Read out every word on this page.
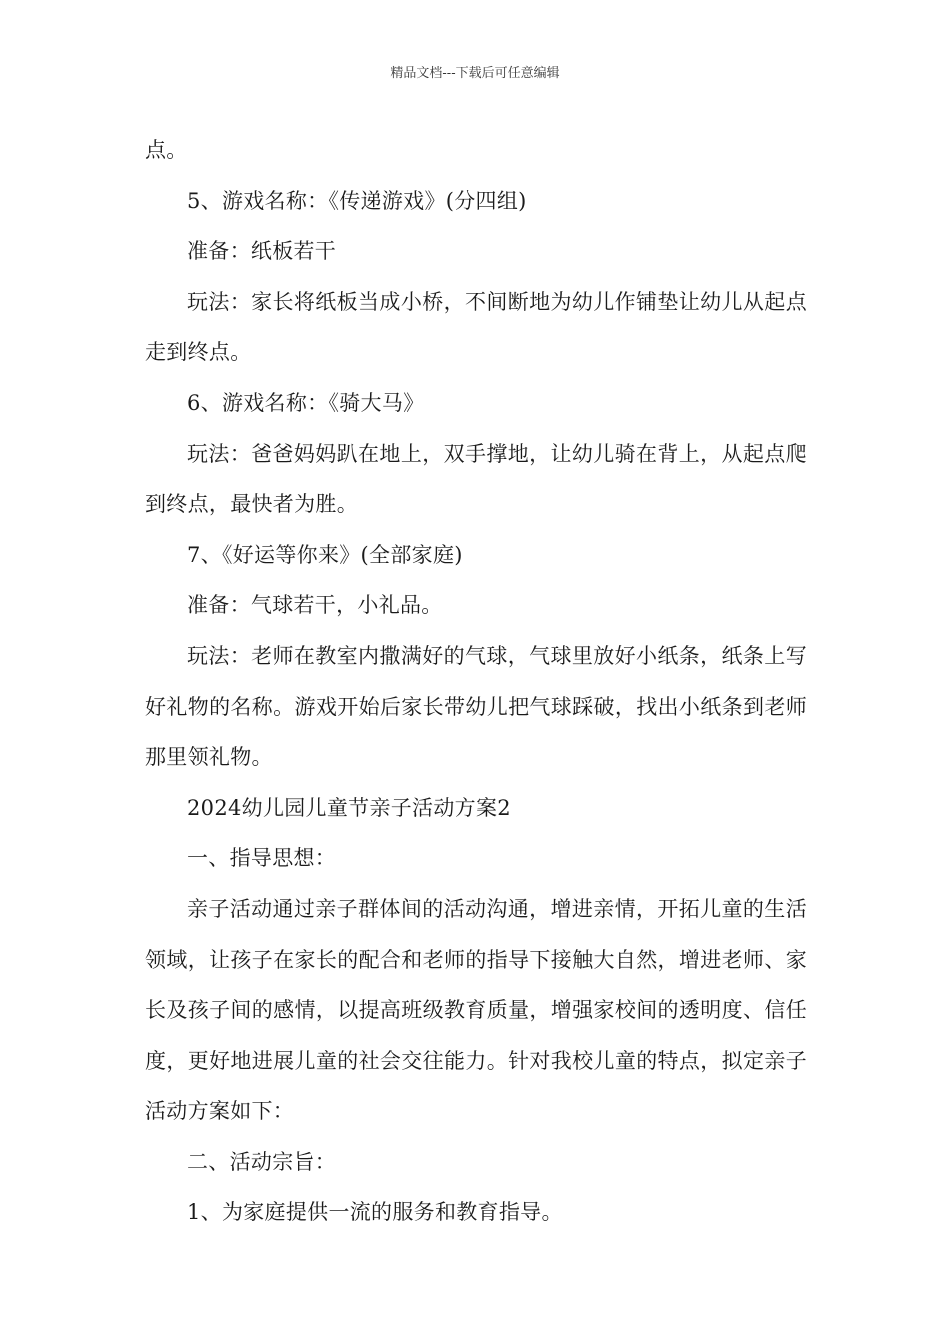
精品文档---下载后可任意编辑

点。

5、游戏名称：《传递游戏》(分四组)

准备：纸板若干

玩法：家长将纸板当成小桥，不间断地为幼儿作铺垫让幼儿从起点走到终点。

6、游戏名称：《骑大马》

玩法：爸爸妈妈趴在地上，双手撑地，让幼儿骑在背上，从起点爬到终点，最快者为胜。

7、《好运等你来》(全部家庭)

准备：气球若干，小礼品。

玩法：老师在教室内撒满好的气球，气球里放好小纸条，纸条上写好礼物的名称。游戏开始后家长带幼儿把气球踩破，找出小纸条到老师那里领礼物。

2024幼儿园儿童节亲子活动方案2

一、指导思想：

亲子活动通过亲子群体间的活动沟通，增进亲情，开拓儿童的生活领域，让孩子在家长的配合和老师的指导下接触大自然，增进老师、家长及孩子间的感情，以提高班级教育质量，增强家校间的透明度、信任度，更好地进展儿童的社会交往能力。针对我校儿童的特点，拟定亲子活动方案如下：

二、活动宗旨：

1、为家庭提供一流的服务和教育指导。
